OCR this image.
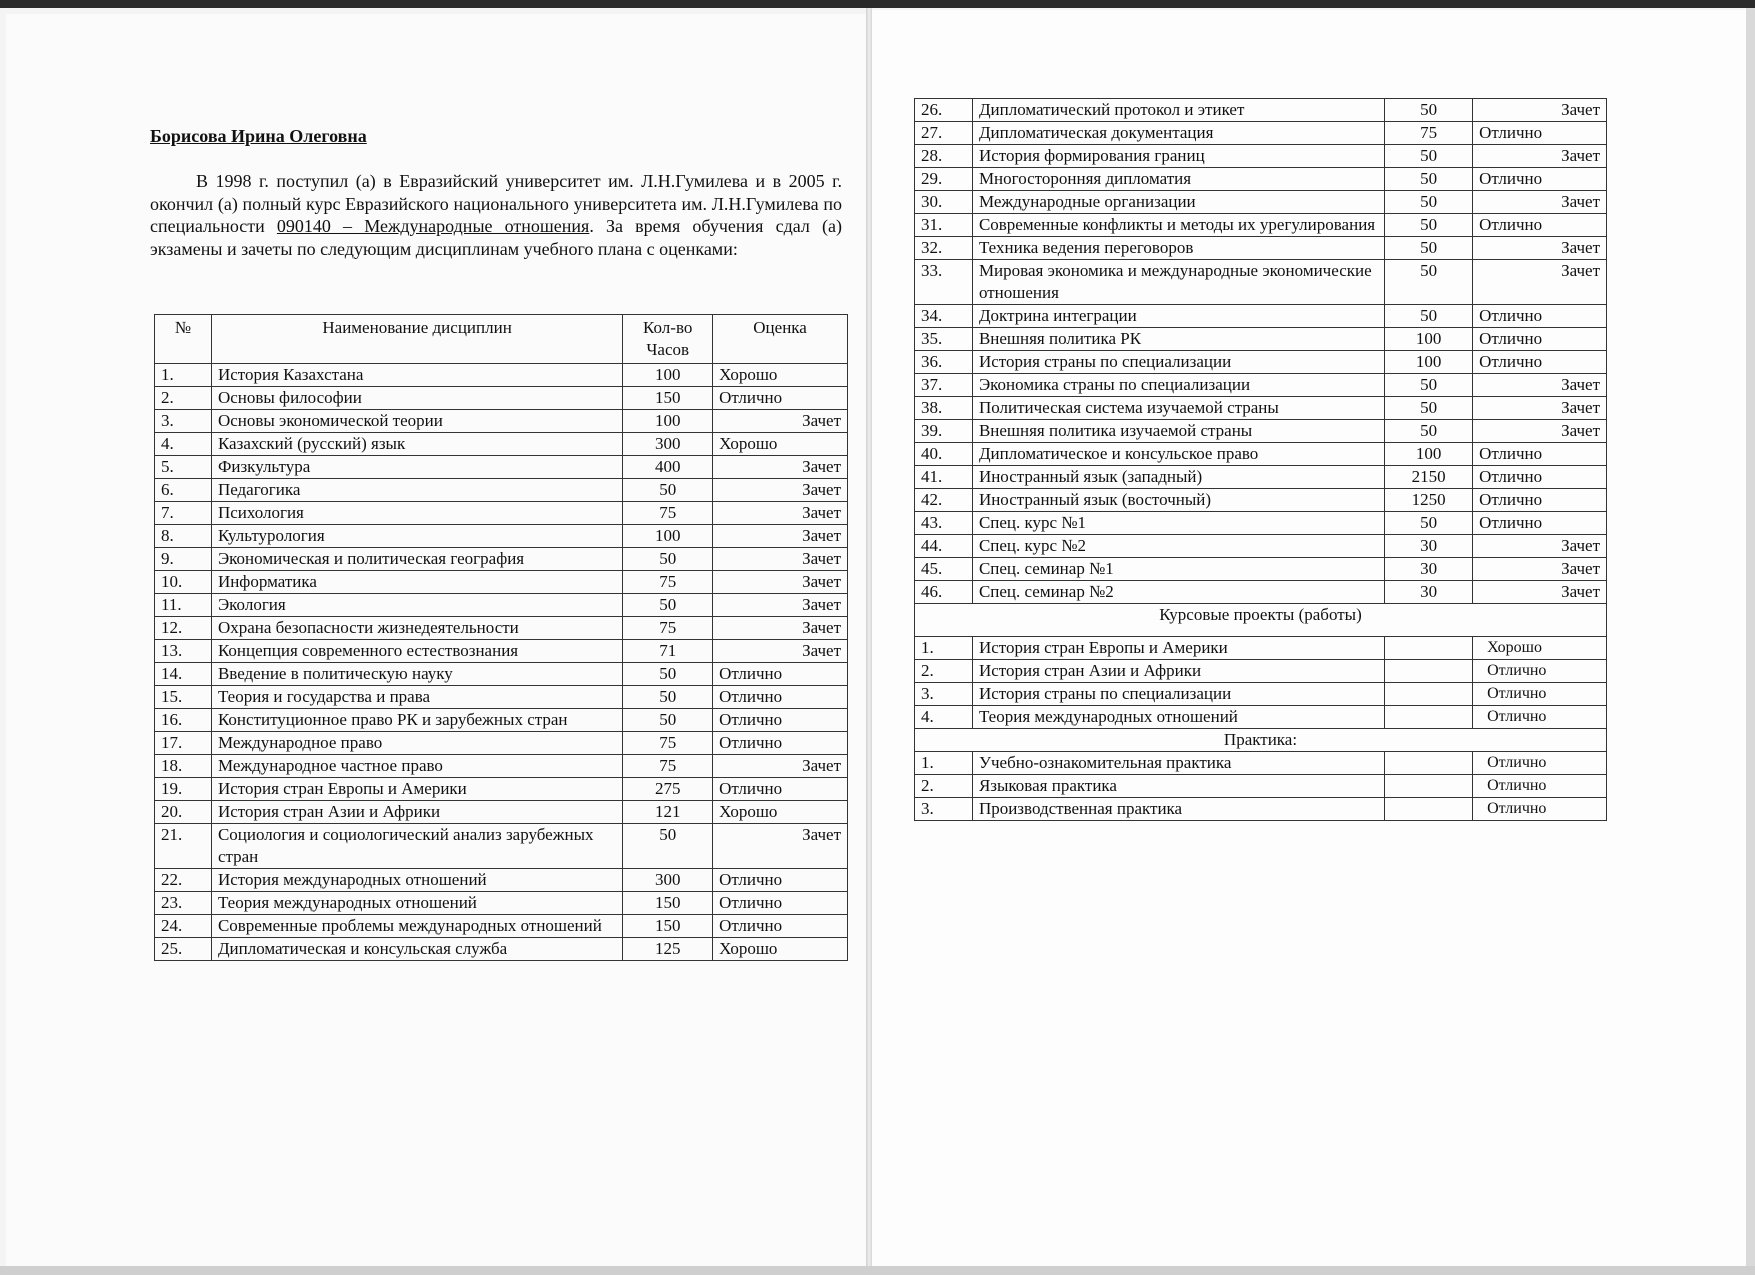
Борисова Ирина Олеговна
В 1998 г. поступил (а) в Евразийский университет им. Л.Н.Гумилева и в 2005 г. окончил (а) полный курс Евразийского национального университета им. Л.Н.Гумилева по специальности 090140 – Международные отношения. За время обучения сдал (а) экзамены и зачеты по следующим дисциплинам учебного плана с оценками:
№	Наименование дисциплин	Кол-во Часов	Оценка
1.	История Казахстана	100	Хорошо
2.	Основы философии	150	Отлично
3.	Основы экономической теории	100	Зачет
4.	Казахский (русский) язык	300	Хорошо
5.	Физкультура	400	Зачет
6.	Педагогика	50	Зачет
7.	Психология	75	Зачет
8.	Культурология	100	Зачет
9.	Экономическая и политическая география	50	Зачет
10.	Информатика	75	Зачет
11.	Экология	50	Зачет
12.	Охрана безопасности жизнедеятельности	75	Зачет
13.	Концепция современного естествознания	71	Зачет
14.	Введение в политическую науку	50	Отлично
15.	Теория и государства и права	50	Отлично
16.	Конституционное право РК и зарубежных стран	50	Отлично
17.	Международное право	75	Отлично
18.	Международное частное право	75	Зачет
19.	История стран Европы и Америки	275	Отлично
20.	История стран Азии и Африки	121	Хорошо
21.	Социология и социологический анализ зарубежных стран	50	Зачет
22.	История международных отношений	300	Отлично
23.	Теория международных отношений	150	Отлично
24.	Современные проблемы международных отношений	150	Отлично
25.	Дипломатическая и консульская служба	125	Хорошо
26.	Дипломатический протокол и этикет	50	Зачет
27.	Дипломатическая документация	75	Отлично
28.	История формирования границ	50	Зачет
29.	Многосторонняя дипломатия	50	Отлично
30.	Международные организации	50	Зачет
31.	Современные конфликты и методы их урегулирования	50	Отлично
32.	Техника ведения переговоров	50	Зачет
33.	Мировая экономика и международные экономические отношения	50	Зачет
34.	Доктрина интеграции	50	Отлично
35.	Внешняя политика РК	100	Отлично
36.	История страны по специализации	100	Отлично
37.	Экономика страны по специализации	50	Зачет
38.	Политическая система изучаемой страны	50	Зачет
39.	Внешняя политика изучаемой страны	50	Зачет
40.	Дипломатическое и консульское право	100	Отлично
41.	Иностранный язык (западный)	2150	Отлично
42.	Иностранный язык (восточный)	1250	Отлично
43.	Спец. курс №1	50	Отлично
44.	Спец. курс №2	30	Зачет
45.	Спец. семинар №1	30	Зачет
46.	Спец. семинар №2	30	Зачет
Курсовые проекты (работы)			
1.	История стран Европы и Америки		Хорошо
2.	История стран Азии и Африки		Отлично
3.	История страны по специализации		Отлично
4.	Теория международных отношений		Отлично
Практика:			
1.	Учебно-ознакомительная практика		Отлично
2.	Языковая практика		Отлично
3.	Производственная практика		Отлично
